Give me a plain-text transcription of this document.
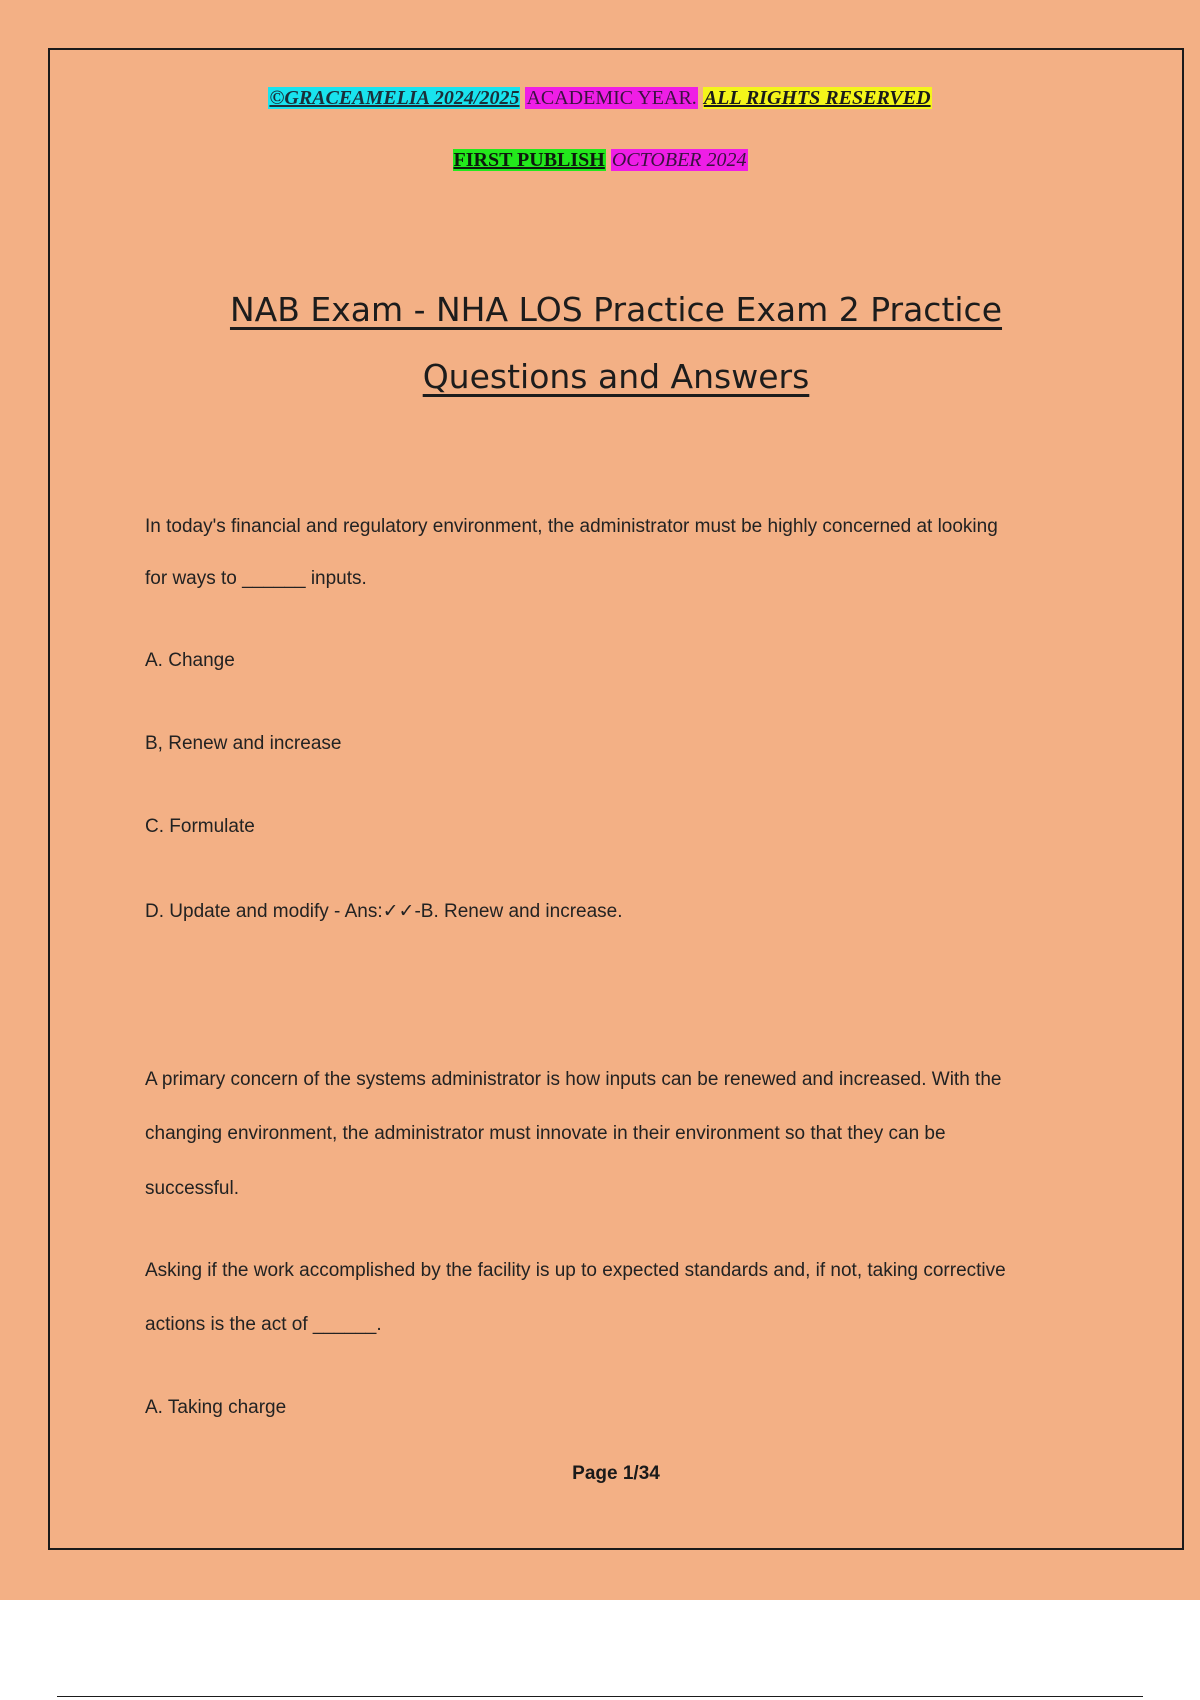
©GRACEAMELIA 2024/2025 ACADEMIC YEAR. ALL RIGHTS RESERVED
FIRST PUBLISH OCTOBER 2024
NAB Exam - NHA LOS Practice Exam 2 Practice
Questions and Answers
In today's financial and regulatory environment, the administrator must be highly concerned at looking
for ways to ______ inputs.
A. Change
B, Renew and increase
C. Formulate
D. Update and modify - Ans:✓✓-B. Renew and increase.
A primary concern of the systems administrator is how inputs can be renewed and increased. With the
changing environment, the administrator must innovate in their environment so that they can be
successful.
Asking if the work accomplished by the facility is up to expected standards and, if not, taking corrective
actions is the act of ______.
A. Taking charge
Page 1/34
